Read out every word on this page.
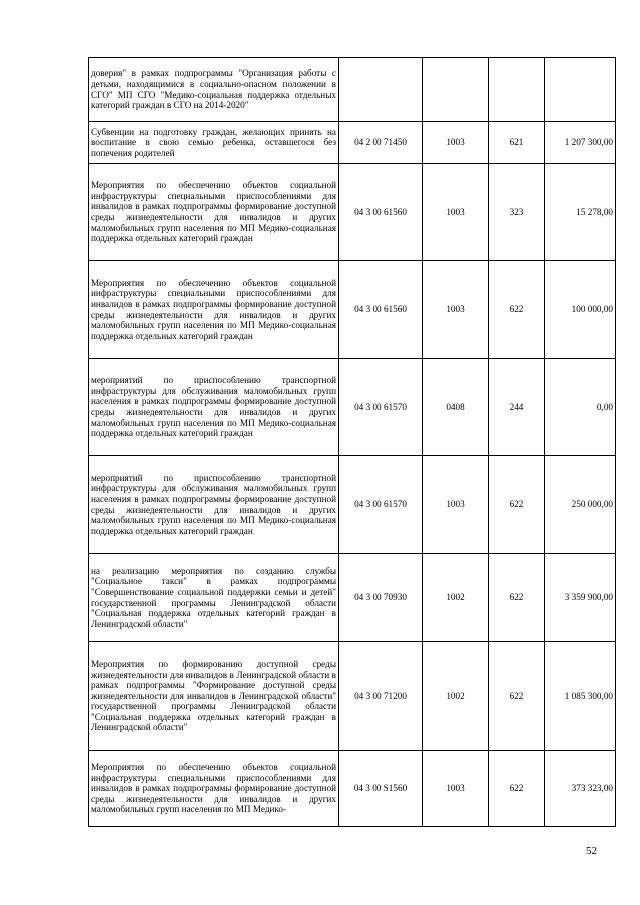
доверия" в рамках подпрограммы "Организация работы с детьми, находящимися в социально-опасном положении в СГО" МП СГО "Медико-социальная поддержка отдельных категорий граждан в СГО на 2014-2020"				
Субвенции на подготовку граждан, желающих принять на воспитание в свою семью ребенка, оставшегося без попечения родителей	04 2 00 71450	1003	621	1 207 300,00
Мероприятия по обеспечению объектов социальной инфраструктуры специальными приспособлениями для инвалидов в рамках подпрограммы формирование доступной среды жизнедеятельности для инвалидов и других маломобильных групп населения по МП Медико-социальная поддержка отдельных категорий граждан	04 3 00 61560	1003	323	15 278,00
Мероприятия по обеспечению объектов социальной инфраструктуры специальными приспособлениями для инвалидов в рамках подпрограммы формирование доступной среды жизнедеятельности для инвалидов и других маломобильных групп населения по МП Медико-социальная поддержка отдельных категорий граждан	04 3 00 61560	1003	622	100 000,00
мероприятий по приспособлению транспортной инфраструктуры для обслуживания маломобильных групп населения в рамках подпрограммы формирование доступной среды жизнедеятельности для инвалидов и других маломобильных групп населения по МП Медико-социальная поддержка отдельных категорий граждан	04 3 00 61570	0408	244	0,00
мероприятий по приспособлению транспортной инфраструктуры для обслуживания маломобильных групп населения в рамках подпрограммы формирование доступной среды жизнедеятельности для инвалидов и других маломобильных групп населения по МП Медико-социальная поддержка отдельных категорий граждан	04 3 00 61570	1003	622	250 000,00
на реализацию мероприятия по созданию службы "Социальное такси" в рамках подпрограммы "Совершенствование социальной поддержки семьи и детей" государственной программы Ленинградской области "Социальная поддержка отдельных категорий граждан в Ленинградской области"	04 3 00 70930	1002	622	3 359 900,00
Мероприятия по формированию доступной среды жизнедеятельности для инвалидов в Ленинградской области в рамках подпрограммы "Формирование доступной среды жизнедеятельности для инвалидов в Ленинградской области" государственной программы Ленинградской области "Социальная поддержка отдельных категорий граждан в Ленинградской области"	04 3 00 71200	1002	622	1 085 300,00
Мероприятия по обеспечению объектов социальной инфраструктуры специальными приспособлениями для инвалидов в рамках подпрограммы формирование доступной среды жизнедеятельности для инвалидов и других маломобильных групп населения по МП Медико-	04 3 00 S1560	1003	622	373 323,00
52
